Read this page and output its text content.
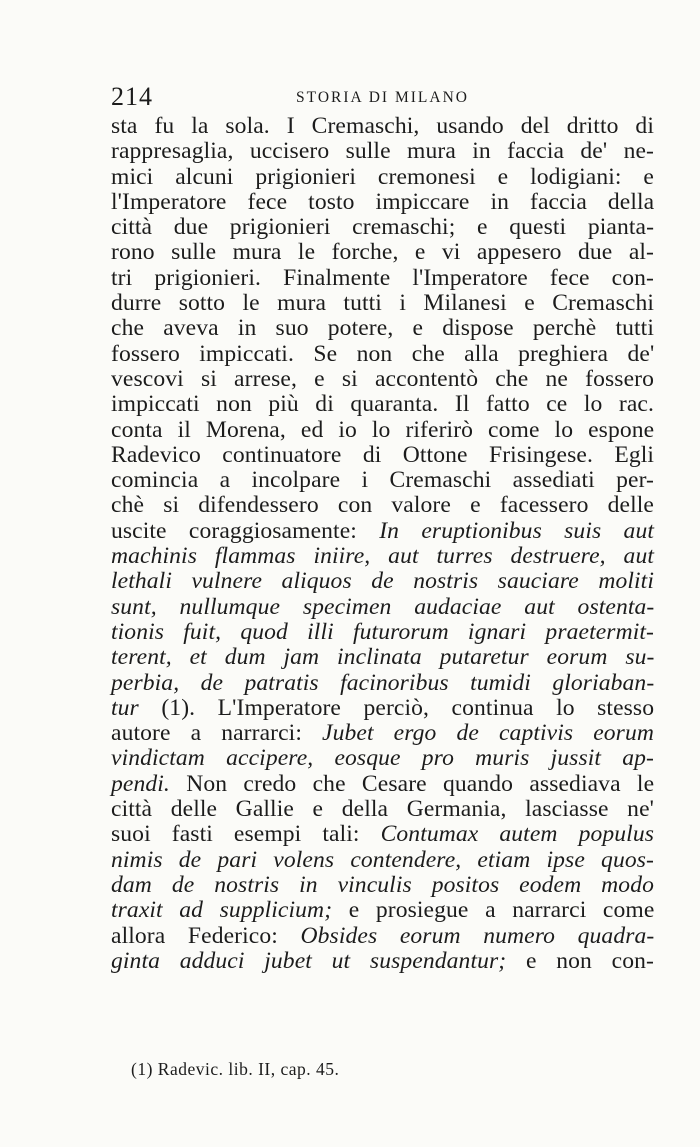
214	STORIA DI MILANO
sta fu la sola. I Cremaschi, usando del dritto di
rappresaglia, uccisero sulle mura in faccia de' ne-
mici alcuni prigionieri cremonesi e lodigiani: e
l'Imperatore fece tosto impiccare in faccia della
città due prigionieri cremaschi; e questi pianta-
rono sulle mura le forche, e vi appesero due al-
tri prigionieri. Finalmente l'Imperatore fece con-
durre sotto le mura tutti i Milanesi e Cremaschi
che aveva in suo potere, e dispose perchè tutti
fossero impiccati. Se non che alla preghiera de'
vescovi si arrese, e si accontentò che ne fossero
impiccati non più di quaranta. Il fatto ce lo rac.
conta il Morena, ed io lo riferirò come lo espone
Radevico continuatore di Ottone Frisingese. Egli
comincia a incolpare i Cremaschi assediati per-
chè si difendessero con valore e facessero delle
uscite coraggiosamente: In eruptionibus suis aut
machinis flammas iniire, aut turres destruere, aut
lethali vulnere aliquos de nostris sauciare moliti
sunt, nullumque specimen audaciae aut ostenta-
tionis fuit, quod illi futurorum ignari praetermit-
terent, et dum jam inclinata putaretur eorum su-
perbia, de patratis facinoribus tumidi gloriaban-
tur (1). L'Imperatore perciò, continua lo stesso
autore a narrarci: Jubet ergo de captivis eorum
vindictam accipere, eosque pro muris jussit ap-
pendi. Non credo che Cesare quando assediava le
città delle Gallie e della Germania, lasciasse ne'
suoi fasti esempi tali: Contumax autem populus
nimis de pari volens contendere, etiam ipse quos-
dam de nostris in vinculis positos eodem modo
traxit ad supplicium; e prosiegue a narrarci come
allora Federico: Obsides eorum numero quadra-
ginta adduci jubet ut suspendantur; e non con-
(1) Radevic. lib. II, cap. 45.
